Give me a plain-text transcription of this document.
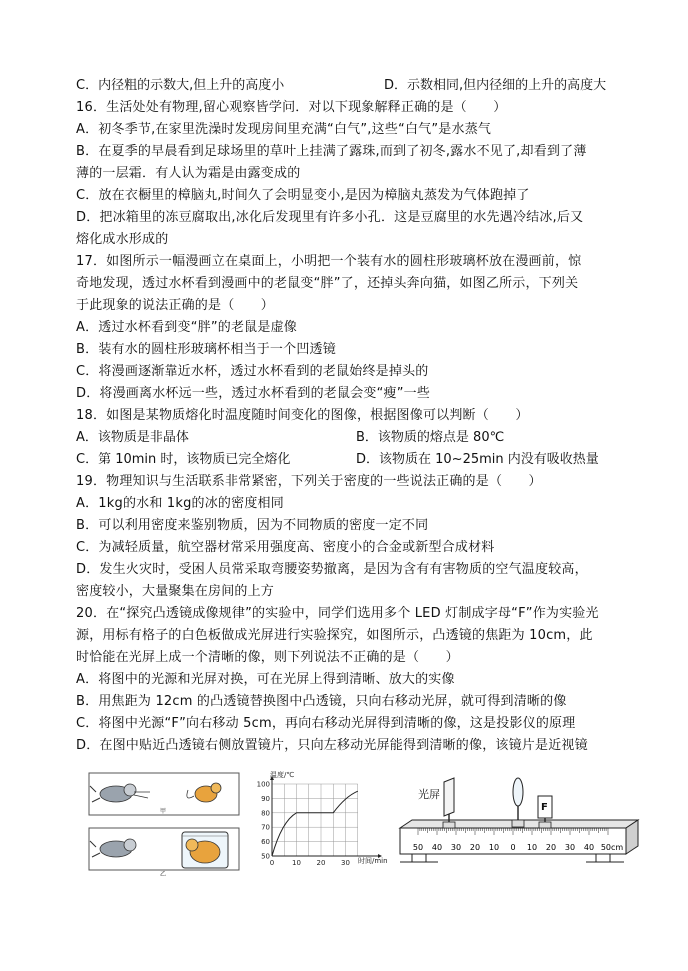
C．内径粗的示数大,但上升的高度小	D．示数相同,但内径细的上升的高度大
16．生活处处有物理,留心观察皆学问．对以下现象解释正确的是（　　）
A．初冬季节,在家里洗澡时发现房间里充满“白气”,这些“白气”是水蒸气
B．在夏季的早晨看到足球场里的草叶上挂满了露珠,而到了初冬,露水不见了,却看到了薄
薄的一层霜．有人认为霜是由露变成的
C．放在衣橱里的樟脑丸,时间久了会明显变小,是因为樟脑丸蒸发为气体跑掉了
D．把冰箱里的冻豆腐取出,冰化后发现里有许多小孔．这是豆腐里的水先遇冷结冰,后又
熔化成水形成的
17．如图所示一幅漫画立在桌面上，小明把一个装有水的圆柱形玻璃杯放在漫画前，惊
奇地发现，透过水杯看到漫画中的老鼠变“胖”了，还掉头奔向猫，如图乙所示，下列关
于此现象的说法正确的是（　　）
A．透过水杯看到变“胖”的老鼠是虚像
B．装有水的圆柱形玻璃杯相当于一个凹透镜
C．将漫画逐渐靠近水杯，透过水杯看到的老鼠始终是掉头的
D．将漫画离水杯远一些，透过水杯看到的老鼠会变“瘦”一些
18．如图是某物质熔化时温度随时间变化的图像，根据图像可以判断（　　）
A．该物质是非晶体	B．该物质的熔点是 80℃
C．第 10min 时，该物质已完全熔化	D．该物质在 10~25min 内没有吸收热量
19．物理知识与生活联系非常紧密，下列关于密度的一些说法正确的是（　　）
A．1kg的水和 1kg的冰的密度相同
B．可以利用密度来鉴别物质，因为不同物质的密度一定不同
C．为减轻质量，航空器材常采用强度高、密度小的合金或新型合成材料
D．发生火灾时，受困人员常采取弯腰姿势撤离，是因为含有有害物质的空气温度较高，
密度较小，大量聚集在房间的上方
20．在“探究凸透镜成像规律”的实验中，同学们选用多个 LED 灯制成字母“F”作为实验光
源，用标有格子的白色板做成光屏进行实验探究，如图所示，凸透镜的焦距为 10cm，此
时恰能在光屏上成一个清晰的像，则下列说法不正确的是（　　）
A．将图中的光源和光屏对换，可在光屏上得到清晰、放大的实像
B．用焦距为 12cm 的凸透镜替换图中凸透镜，只向右移动光屏，就可得到清晰的像
C．将图中光源“F”向右移动 5cm，再向右移动光屏得到清晰的像，这是投影仪的原理
D．在图中贴近凸透镜右侧放置镜片，只向左移动光屏能得到清晰的像，该镜片是近视镜
甲
乙
0	10 20 30
50
60
70
80
90
100
温度/℃
时间/min
50 40 30 20 10 0 10 20 30 40 50cm
光屏
F
